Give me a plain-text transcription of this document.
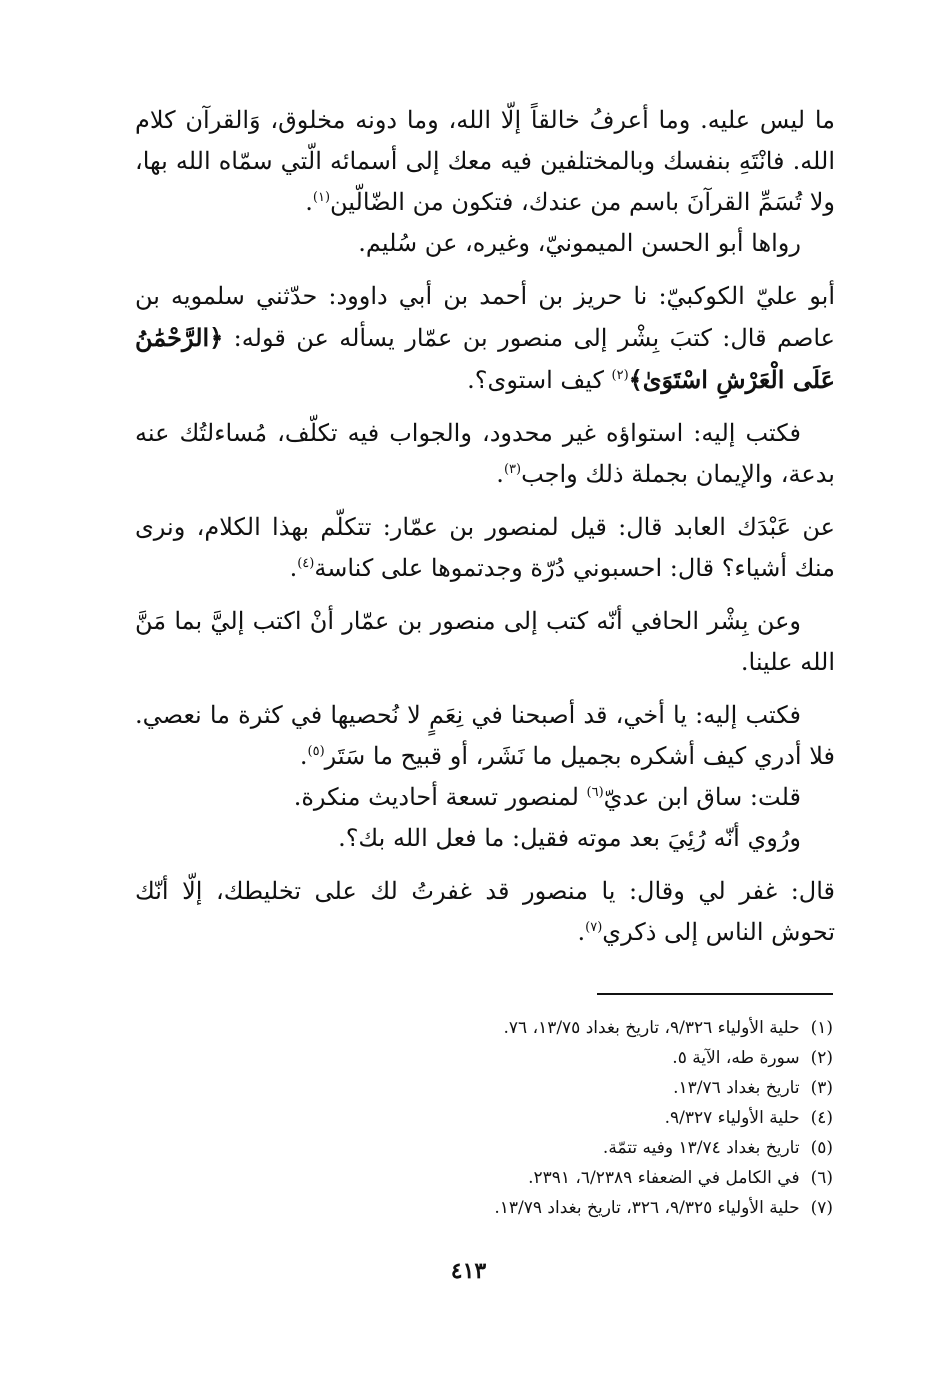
ما ليس عليه. وما أعرفُ خالقاً إلّا الله، وما دونه مخلوق، وَالقرآن كلام الله. فانْتَهِ بنفسك وبالمختلفين فيه معك إلى أسمائه الّتي سمّاه الله بها، ولا تُسَمِّ القرآنَ باسم من عندك، فتكون من الضّالّين$^{(١)}$.

رواها أبو الحسن الميمونيّ، وغيره، عن سُليم.

أبو عليّ الكوكبيّ: نا حريز بن أحمد بن أبي داوود: حدّثني سلمويه بن عاصم قال: كتبَ بِشْر إلى منصور بن عمّار يسأله عن قوله: ﴿الرَّحْمَٰنُ عَلَى الْعَرْشِ اسْتَوَىٰ﴾$^{(٢)}$ كيف استوى؟.

فكتب إليه: استواؤه غير محدود، والجواب فيه تكلّف، مُساءلتُك عنه بدعة، والإيمان بجملة ذلك واجب$^{(٣)}$.

عن عَبْدَك العابد قال: قيل لمنصور بن عمّار: تتكلّم بهذا الكلام، ونرى منك أشياء؟ قال: احسبوني دُرّة وجدتموها على كناسة$^{(٤)}$.

وعن بِشْر الحافي أنّه كتب إلى منصور بن عمّار أنْ اكتب إليَّ بما مَنَّ الله علينا.

فكتب إليه: يا أخي، قد أصبحنا في نِعَمٍ لا نُحصيها في كثرة ما نعصي. فلا أدري كيف أشكره بجميل ما نَشَر، أو قبيح ما سَتَر$^{(٥)}$.

قلت: ساق ابن عديّ$^{(٦)}$ لمنصور تسعة أحاديث منكرة.

ورُوي أنّه رُئِيَ بعد موته فقيل: ما فعل الله بك؟.

قال: غفر لي وقال: يا منصور قد غفرتُ لك على تخليطك، إلّا أنّك تحوش الناس إلى ذكري$^{(٧)}$.

(١) حلية الأولياء ٩/٣٢٦، تاريخ بغداد ١٣/٧٥، ٧٦.
(٢) سورة طه، الآية ٥.
(٣) تاريخ بغداد ١٣/٧٦.
(٤) حلية الأولياء ٩/٣٢٧.
(٥) تاريخ بغداد ١٣/٧٤ وفيه تتمّة.
(٦) في الكامل في الضعفاء ٦/٢٣٨٩، ٢٣٩١.
(٧) حلية الأولياء ٩/٣٢٥، ٣٢٦، تاريخ بغداد ١٣/٧٩.
٤١٣
